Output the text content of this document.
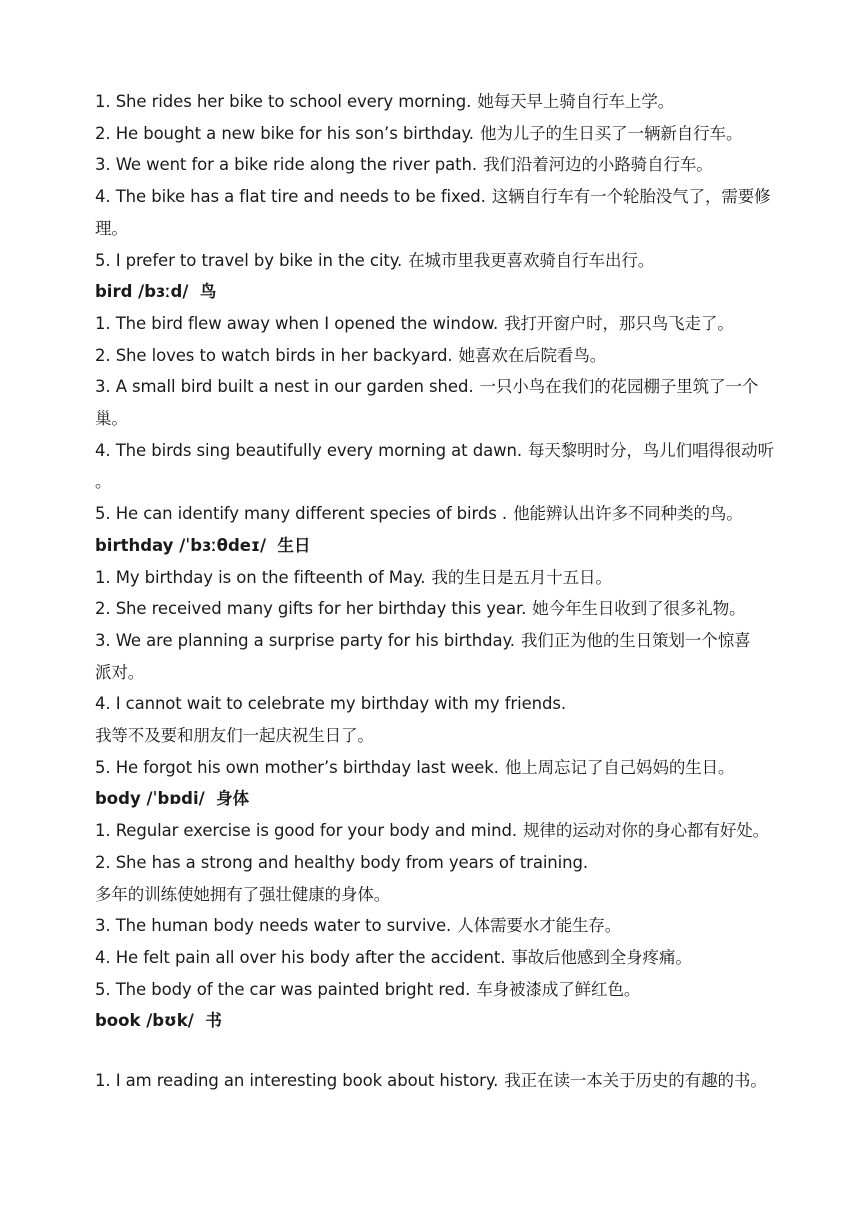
1. She rides her bike to school every morning. 她每天早上骑自行车上学。
2. He bought a new bike for his son’s birthday. 他为儿子的生日买了一辆新自行车。
3. We went for a bike ride along the river path. 我们沿着河边的小路骑自行车。
4. The bike has a flat tire and needs to be fixed. 这辆自行车有一个轮胎没气了，需要修
理。
5. I prefer to travel by bike in the city. 在城市里我更喜欢骑自行车出行。
bird /bɜːd/ 鸟
1. The bird flew away when I opened the window. 我打开窗户时，那只鸟飞走了。
2. She loves to watch birds in her backyard. 她喜欢在后院看鸟。
3. A small bird built a nest in our garden shed. 一只小鸟在我们的花园棚子里筑了一个
巢。
4. The birds sing beautifully every morning at dawn. 每天黎明时分，鸟儿们唱得很动听
。
5. He can identify many different species of birds . 他能辨认出许多不同种类的鸟。
birthday /ˈbɜːθdeɪ/ 生日
1. My birthday is on the fifteenth of May. 我的生日是五月十五日。
2. She received many gifts for her birthday this year. 她今年生日收到了很多礼物。
3. We are planning a surprise party for his birthday. 我们正为他的生日策划一个惊喜
派对。
4. I cannot wait to celebrate my birthday with my friends.
我等不及要和朋友们一起庆祝生日了。
5. He forgot his own mother’s birthday last week. 他上周忘记了自己妈妈的生日。
body /ˈbɒdi/ 身体
1. Regular exercise is good for your body and mind. 规律的运动对你的身心都有好处。
2. She has a strong and healthy body from years of training.
多年的训练使她拥有了强壮健康的身体。
3. The human body needs water to survive. 人体需要水才能生存。
4. He felt pain all over his body after the accident. 事故后他感到全身疼痛。
5. The body of the car was painted bright red. 车身被漆成了鲜红色。
book /bʊk/ 书
1. I am reading an interesting book about history. 我正在读一本关于历史的有趣的书。
